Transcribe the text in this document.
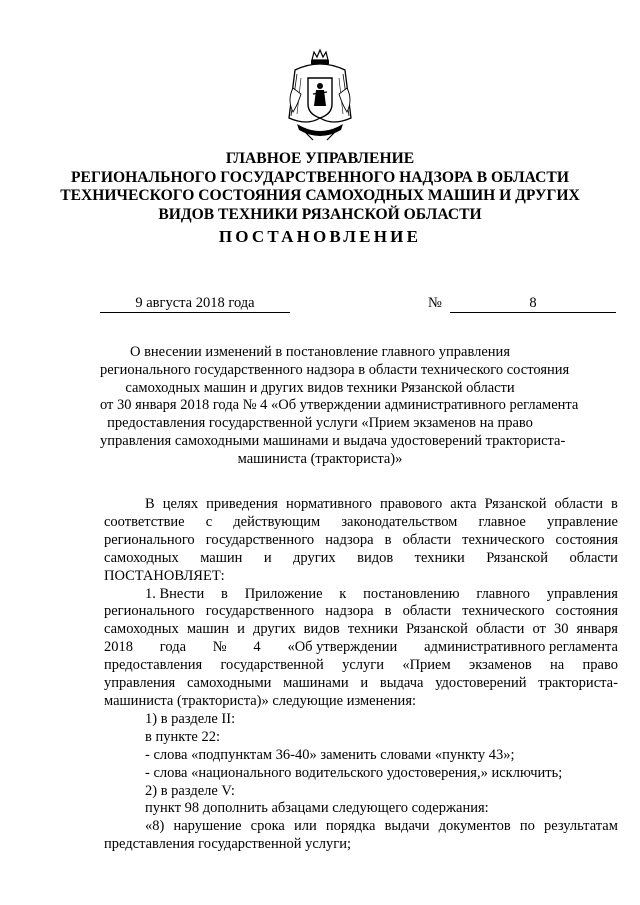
ГЛАВНОЕ УПРАВЛЕНИЕ
РЕГИОНАЛЬНОГО ГОСУДАРСТВЕННОГО НАДЗОРА В ОБЛАСТИ
ТЕХНИЧЕСКОГО СОСТОЯНИЯ САМОХОДНЫХ МАШИН И ДРУГИХ
ВИДОВ ТЕХНИКИ РЯЗАНСКОЙ ОБЛАСТИ
ПОСТАНОВЛЕНИЕ
9 августа 2018 года	№	8
О внесении изменений в постановление главного управления
регионального государственного надзора в области технического состояния
самоходных машин и других видов техники Рязанской области
от 30 января 2018 года № 4 «Об утверждении административного регламента
предоставления государственной услуги «Прием экзаменов на право
управления самоходными машинами и выдача удостоверений тракториста-
машиниста (тракториста)»
В целях приведения нормативного правового акта Рязанской области в
соответствие с действующим законодательством главное управление
регионального государственного надзора в области технического состояния
самоходных машин и других видов техники Рязанской области
ПОСТАНОВЛЯЕТ:
1. Внести в Приложение к постановлению главного управления
регионального государственного надзора в области технического состояния
самоходных машин и других видов техники Рязанской области от 30 января
2018 года № 4 «Об утверждении административного регламента
предоставления государственной услуги «Прием экзаменов на право
управления самоходными машинами и выдача удостоверений тракториста-
машиниста (тракториста)» следующие изменения:
1) в разделе II:
в пункте 22:
- слова «подпунктам 36-40» заменить словами «пункту 43»;
- слова «национального водительского удостоверения,» исключить;
2) в разделе V:
пункт 98 дополнить абзацами следующего содержания:
«8) нарушение срока или порядка выдачи документов по результатам
представления государственной услуги;
